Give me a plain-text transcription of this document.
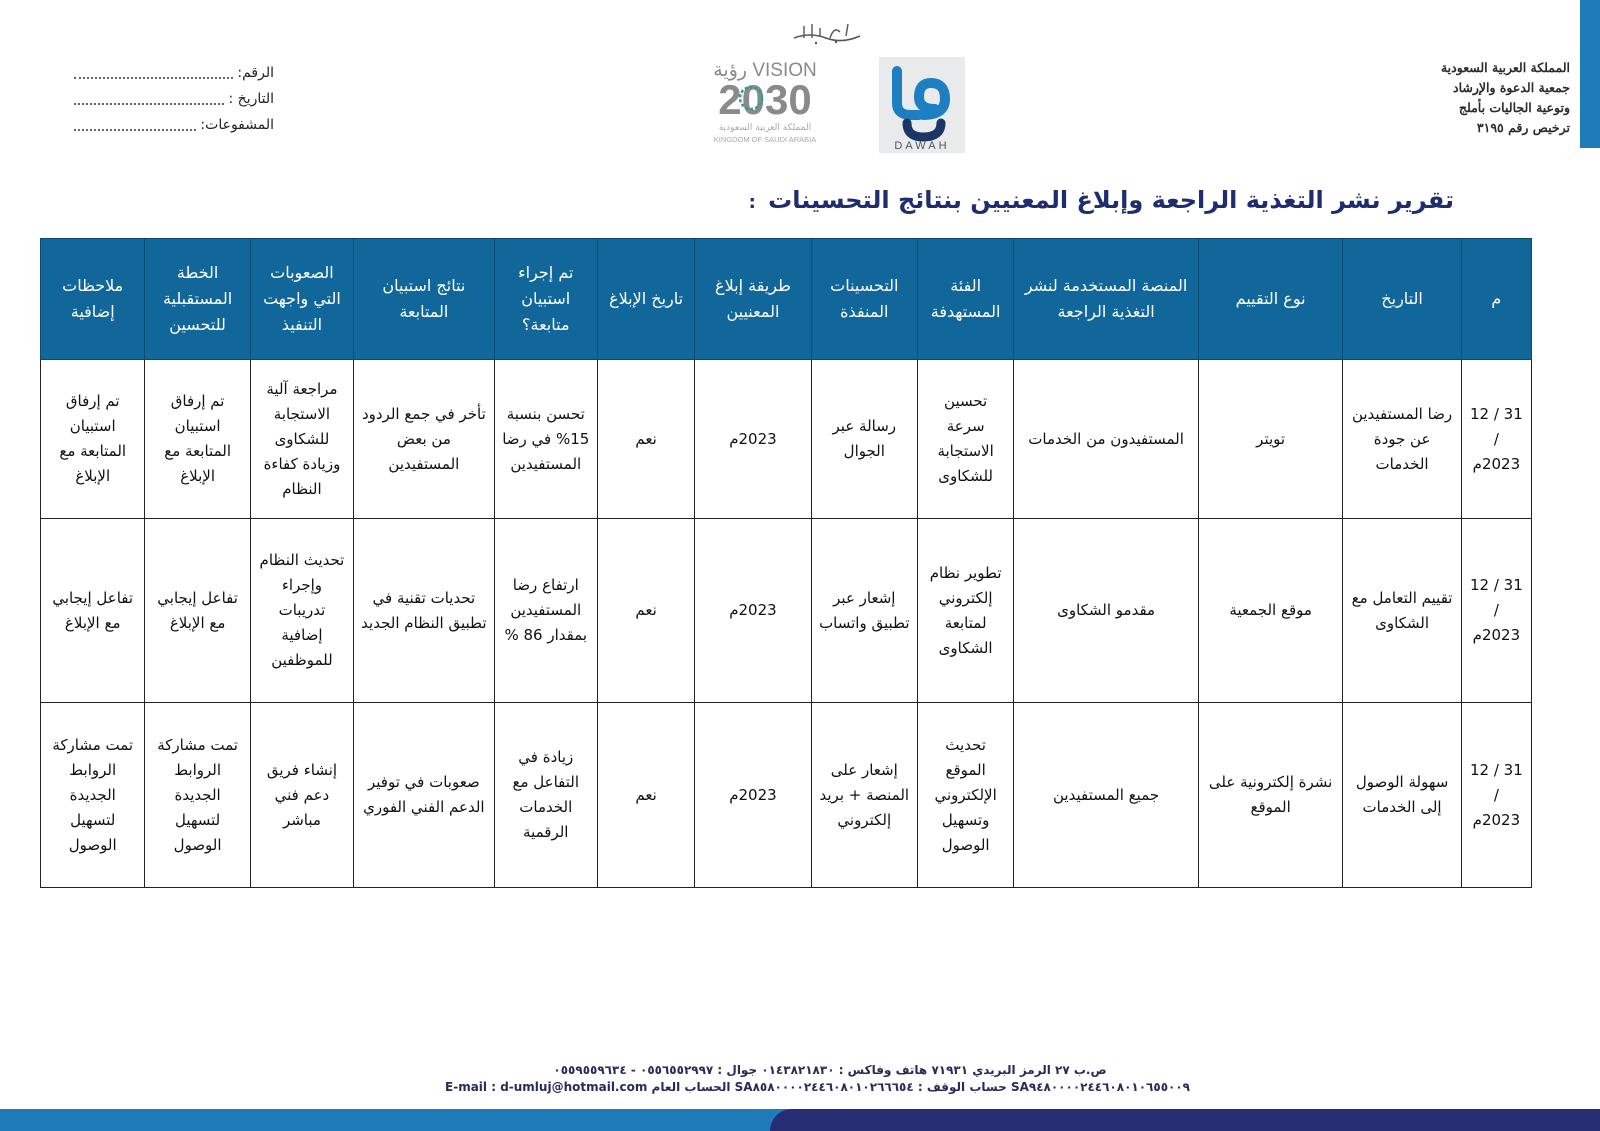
المملكة العربية السعودية
جمعية الدعوة والإرشاد
وتوعية الجاليات بأملج
ترخيص رقم ٣١٩٥
DAWAH
VISION رؤية
2030
المملكة العربية السعودية
KINGDOM OF SAUDI ARABIA
الرقم:
التاريخ :
المشفوعات:
تقرير نشر التغذية الراجعة وإبلاغ المعنيين بنتائج التحسينات :
م	التاريخ	نوع التقييم	المنصة المستخدمة لنشر التغذية الراجعة	الفئة المستهدفة	التحسينات المنفذة	طريقة إبلاغ المعنيين	تاريخ الإبلاغ	تم إجراء استبيان متابعة؟	نتائج استبيان المتابعة	الصعوبات التي واجهت التنفيذ	الخطة المستقبلية للتحسين	ملاحظات إضافية
31 / 12 / 2023م	رضا المستفيدين عن جودة الخدمات	تويتر	المستفيدون من الخدمات	تحسين سرعة الاستجابة للشكاوى	رسالة عبر الجوال	2023م	نعم	تحسن بنسبة 15% في رضا المستفيدين	تأخر في جمع الردود من بعض المستفيدين	مراجعة آلية الاستجابة للشكاوى وزيادة كفاءة النظام	تم إرفاق استبيان المتابعة مع الإبلاغ	تم إرفاق استبيان المتابعة مع الإبلاغ
31 / 12 / 2023م	تقييم التعامل مع الشكاوى	موقع الجمعية	مقدمو الشكاوى	تطوير نظام إلكتروني لمتابعة الشكاوى	إشعار عبر تطبيق واتساب	2023م	نعم	ارتفاع رضا المستفيدين بمقدار 86 %	تحديات تقنية في تطبيق النظام الجديد	تحديث النظام وإجراء تدريبات إضافية للموظفين	تفاعل إيجابي مع الإبلاغ	تفاعل إيجابي مع الإبلاغ
31 / 12 / 2023م	سهولة الوصول إلى الخدمات	نشرة إلكترونية على الموقع	جميع المستفيدين	تحديث الموقع الإلكتروني وتسهيل الوصول	إشعار على المنصة + بريد إلكتروني	2023م	نعم	زيادة في التفاعل مع الخدمات الرقمية	صعوبات في توفير الدعم الفني الفوري	إنشاء فريق دعم فني مباشر	تمت مشاركة الروابط الجديدة لتسهيل الوصول	تمت مشاركة الروابط الجديدة لتسهيل الوصول
ص.ب ٢٧ الرمز البريدي ٧١٩٣١ هاتف وفاكس : ٠١٤٣٨٢١٨٣٠ جوال : ٠٥٥٦٥٥٢٩٩٧ - ٠٥٥٩٥٥٩٦٣٤
SA٩٤٨٠٠٠٠٢٤٤٦٠٨٠١٠٦٥٥٠٠٩ حساب الوقف : SA٨٥٨٠٠٠٠٢٤٤٦٠٨٠١٠٢٦٦٦٥٤ الحساب العام E-mail : d-umluj@hotmail.com
